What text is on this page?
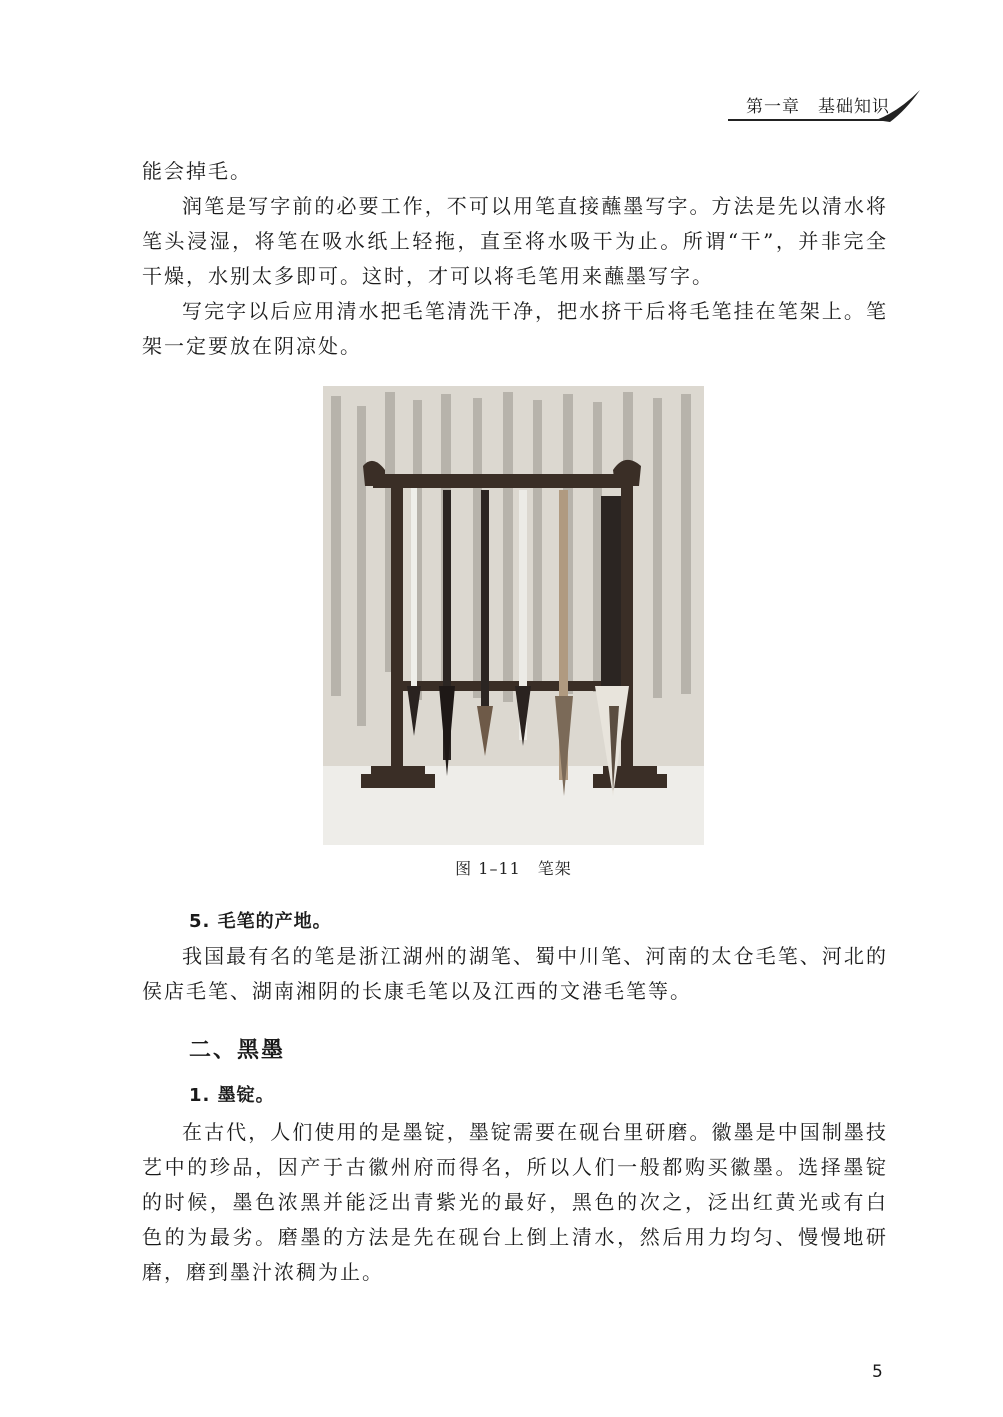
第一章　基础知识

能会掉毛。

润笔是写字前的必要工作，不可以用笔直接蘸墨写字。方法是先以清水将笔头浸湿，将笔在吸水纸上轻拖，直至将水吸干为止。所谓“干”，并非完全干燥，水别太多即可。这时，才可以将毛笔用来蘸墨写字。

写完字以后应用清水把毛笔清洗干净，把水挤干后将毛笔挂在笔架上。笔架一定要放在阴凉处。

图 1–11　笔架
5. 毛笔的产地。

我国最有名的笔是浙江湖州的湖笔、蜀中川笔、河南的太仓毛笔、河北的侯店毛笔、湖南湘阴的长康毛笔以及江西的文港毛笔等。

二、黑墨
1. 墨锭。

在古代，人们使用的是墨锭，墨锭需要在砚台里研磨。徽墨是中国制墨技艺中的珍品，因产于古徽州府而得名，所以人们一般都购买徽墨。选择墨锭的时候，墨色浓黑并能泛出青紫光的最好，黑色的次之，泛出红黄光或有白色的为最劣。磨墨的方法是先在砚台上倒上清水，然后用力均匀、慢慢地研磨，磨到墨汁浓稠为止。

5
